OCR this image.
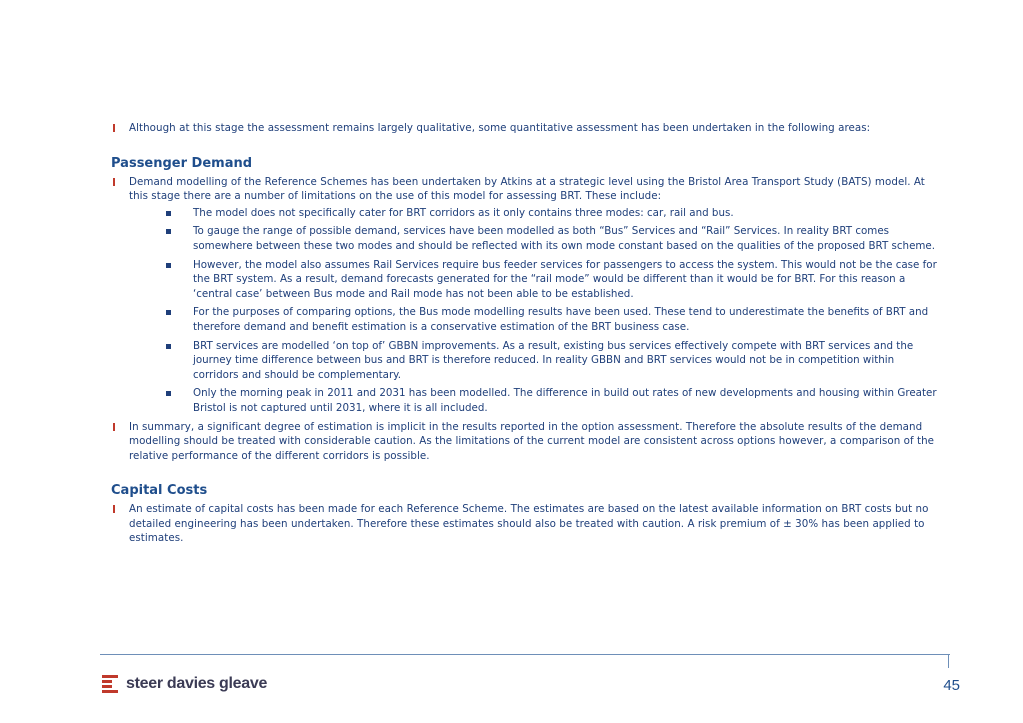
Although at this stage the assessment remains largely qualitative, some quantitative assessment has been undertaken in the following areas:
Passenger Demand
Demand modelling of the Reference Schemes has been undertaken by Atkins at a strategic level using the Bristol Area Transport Study (BATS) model. At this stage there are a number of limitations on the use of this model for assessing BRT. These include:
The model does not specifically cater for BRT corridors as it only contains three modes: car, rail and bus.
To gauge the range of possible demand, services have been modelled as both “Bus” Services and “Rail” Services. In reality BRT comes somewhere between these two modes and should be reflected with its own mode constant based on the qualities of the proposed BRT scheme.
However, the model also assumes Rail Services require bus feeder services for passengers to access the system. This would not be the case for the BRT system. As a result, demand forecasts generated for the “rail mode” would be different than it would be for BRT. For this reason a ‘central case’ between Bus mode and Rail mode has not been able to be established.
For the purposes of comparing options, the Bus mode modelling results have been used. These tend to underestimate the benefits of BRT and therefore demand and benefit estimation is a conservative estimation of the BRT business case.
BRT services are modelled ‘on top of’ GBBN improvements. As a result, existing bus services effectively compete with BRT services and the journey time difference between bus and BRT is therefore reduced. In reality GBBN and BRT services would not be in competition within corridors and should be complementary.
Only the morning peak in 2011 and 2031 has been modelled. The difference in build out rates of new developments and housing within Greater Bristol is not captured until 2031, where it is all included.
In summary, a significant degree of estimation is implicit in the results reported in the option assessment. Therefore the absolute results of the demand modelling should be treated with considerable caution. As the limitations of the current model are consistent across options however, a comparison of the relative performance of the different corridors is possible.
Capital Costs
An estimate of capital costs has been made for each Reference Scheme. The estimates are based on the latest available information on BRT costs but no detailed engineering has been undertaken. Therefore these estimates should also be treated with caution. A risk premium of ± 30% has been applied to estimates.
steer davies gleave	45
